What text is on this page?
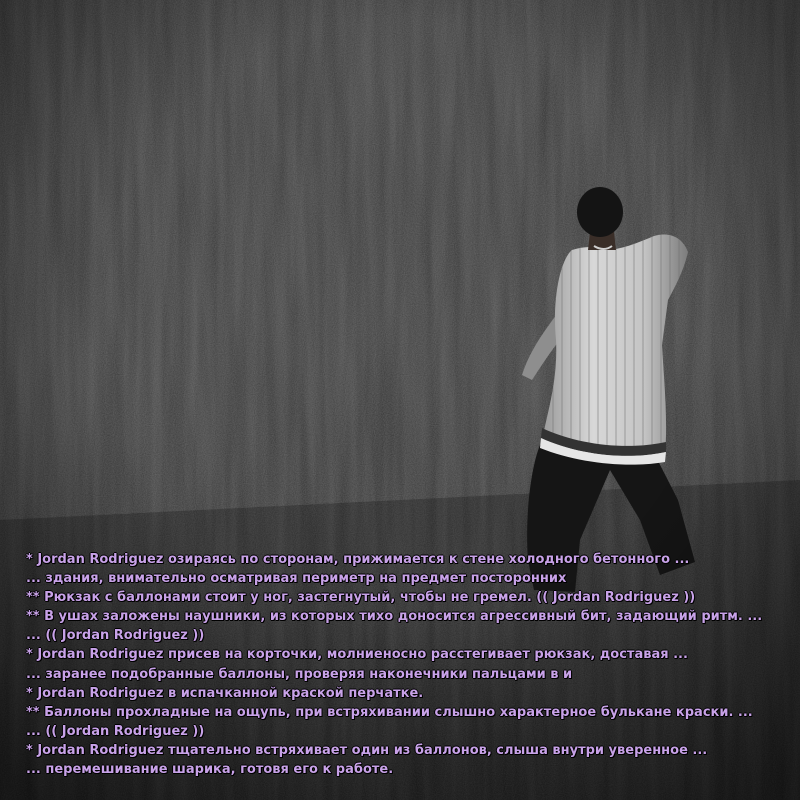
* Jordan Rodriguez озираясь по сторонам, прижимается к стене холодного бетонного ...
... здания, внимательно осматривая периметр на предмет посторонних
** Рюкзак с баллонами стоит у ног, застегнутый, чтобы не гремел. (( Jordan Rodriguez ))
** В ушах заложены наушники, из которых тихо доносится агрессивный бит, задающий ритм. ...
... (( Jordan Rodriguez ))
* Jordan Rodriguez присев на корточки, молниеносно расстегивает рюкзак, доставая ...
... заранее подобранные баллоны, проверяя наконечники пальцами в и
* Jordan Rodriguez в испачканной краской перчатке.
** Баллоны прохладные на ощупь, при встряхивании слышно характерное булькане краски. ...
... (( Jordan Rodriguez ))
* Jordan Rodriguez тщательно встряхивает один из баллонов, слыша внутри уверенное ...
... перемешивание шарика, готовя его к работе.
